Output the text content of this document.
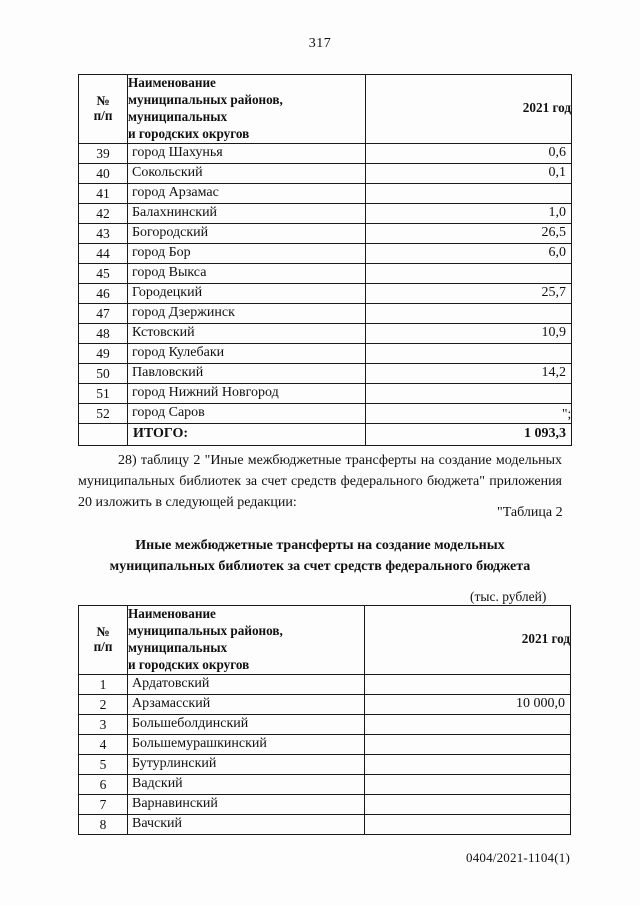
317
№
п/п	Наименование
муниципальных районов,
муниципальных
и городских округов	2021 год
39	город Шахунья	0,6
40	Сокольский	0,1
41	город Арзамас	
42	Балахнинский	1,0
43	Богородский	26,5
44	город Бор	6,0
45	город Выкса	
46	Городецкий	25,7
47	город Дзержинск	
48	Кстовский	10,9
49	город Кулебаки	
50	Павловский	14,2
51	город Нижний Новгород	
52	город Саров	
	ИТОГО:	1 093,3
";
28) таблицу 2 "Иные межбюджетные трансферты на создание модельных муниципальных библиотек за счет средств федерального бюджета" приложения 20 изложить в следующей редакции:
"Таблица 2
Иные межбюджетные трансферты на создание модельных
муниципальных библиотек за счет средств федерального бюджета
(тыс. рублей)
№
п/п	Наименование
муниципальных районов,
муниципальных
и городских округов	2021 год
1	Ардатовский	
2	Арзамасский	10 000,0
3	Большеболдинский	
4	Большемурашкинский	
5	Бутурлинский	
6	Вадский	
7	Варнавинский	
8	Вачский	
0404/2021-1104(1)
